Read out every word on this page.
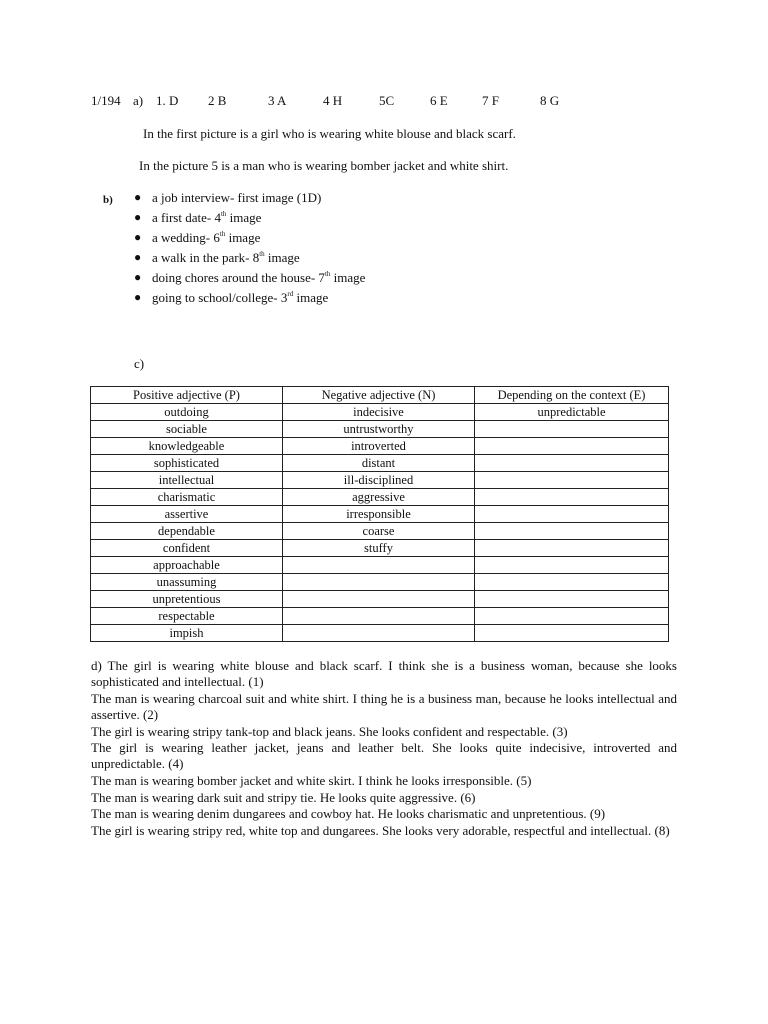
1/194 a) 1. D 2 B	3 A	4 H	5C	6 E	7 F	8 G
In the first picture is a girl who is wearing white blouse and black scarf.
In the picture 5 is a man who is wearing bomber jacket and white shirt.
b) ● a job interview- first image (1D)
● a first date- 4th image
● a wedding- 6th image
● a walk in the park- 8th image
● doing chores around the house- 7th image
● going to school/college- 3rd image
c)
Positive adjective (P)	Negative adjective (N)	Depending on the context (E)
outdoing	indecisive	unpredictable
sociable	untrustworthy	
knowledgeable	introverted	
sophisticated	distant	
intellectual	ill-disciplined	
charismatic	aggressive	
assertive	irresponsible	
dependable	coarse	
confident	stuffy	
approachable		
unassuming		
unpretentious		
respectable		
impish		
d) The girl is wearing white blouse and black scarf. I think she is a business woman, because she looks sophisticated and intellectual. (1)
The man is wearing charcoal suit and white shirt. I thing he is a business man, because he looks intellectual and assertive. (2)
The girl is wearing stripy tank-top and black jeans. She looks confident and respectable. (3)
The girl is wearing leather jacket, jeans and leather belt. She looks quite indecisive, introverted and unpredictable. (4)
The man is wearing bomber jacket and white skirt. I think he looks irresponsible. (5)
The man is wearing dark suit and stripy tie. He looks quite aggressive. (6)
The man is wearing denim dungarees and cowboy hat. He looks charismatic and unpretentious. (9)
The girl is wearing stripy red, white top and dungarees. She looks very adorable, respectful and intellectual. (8)
